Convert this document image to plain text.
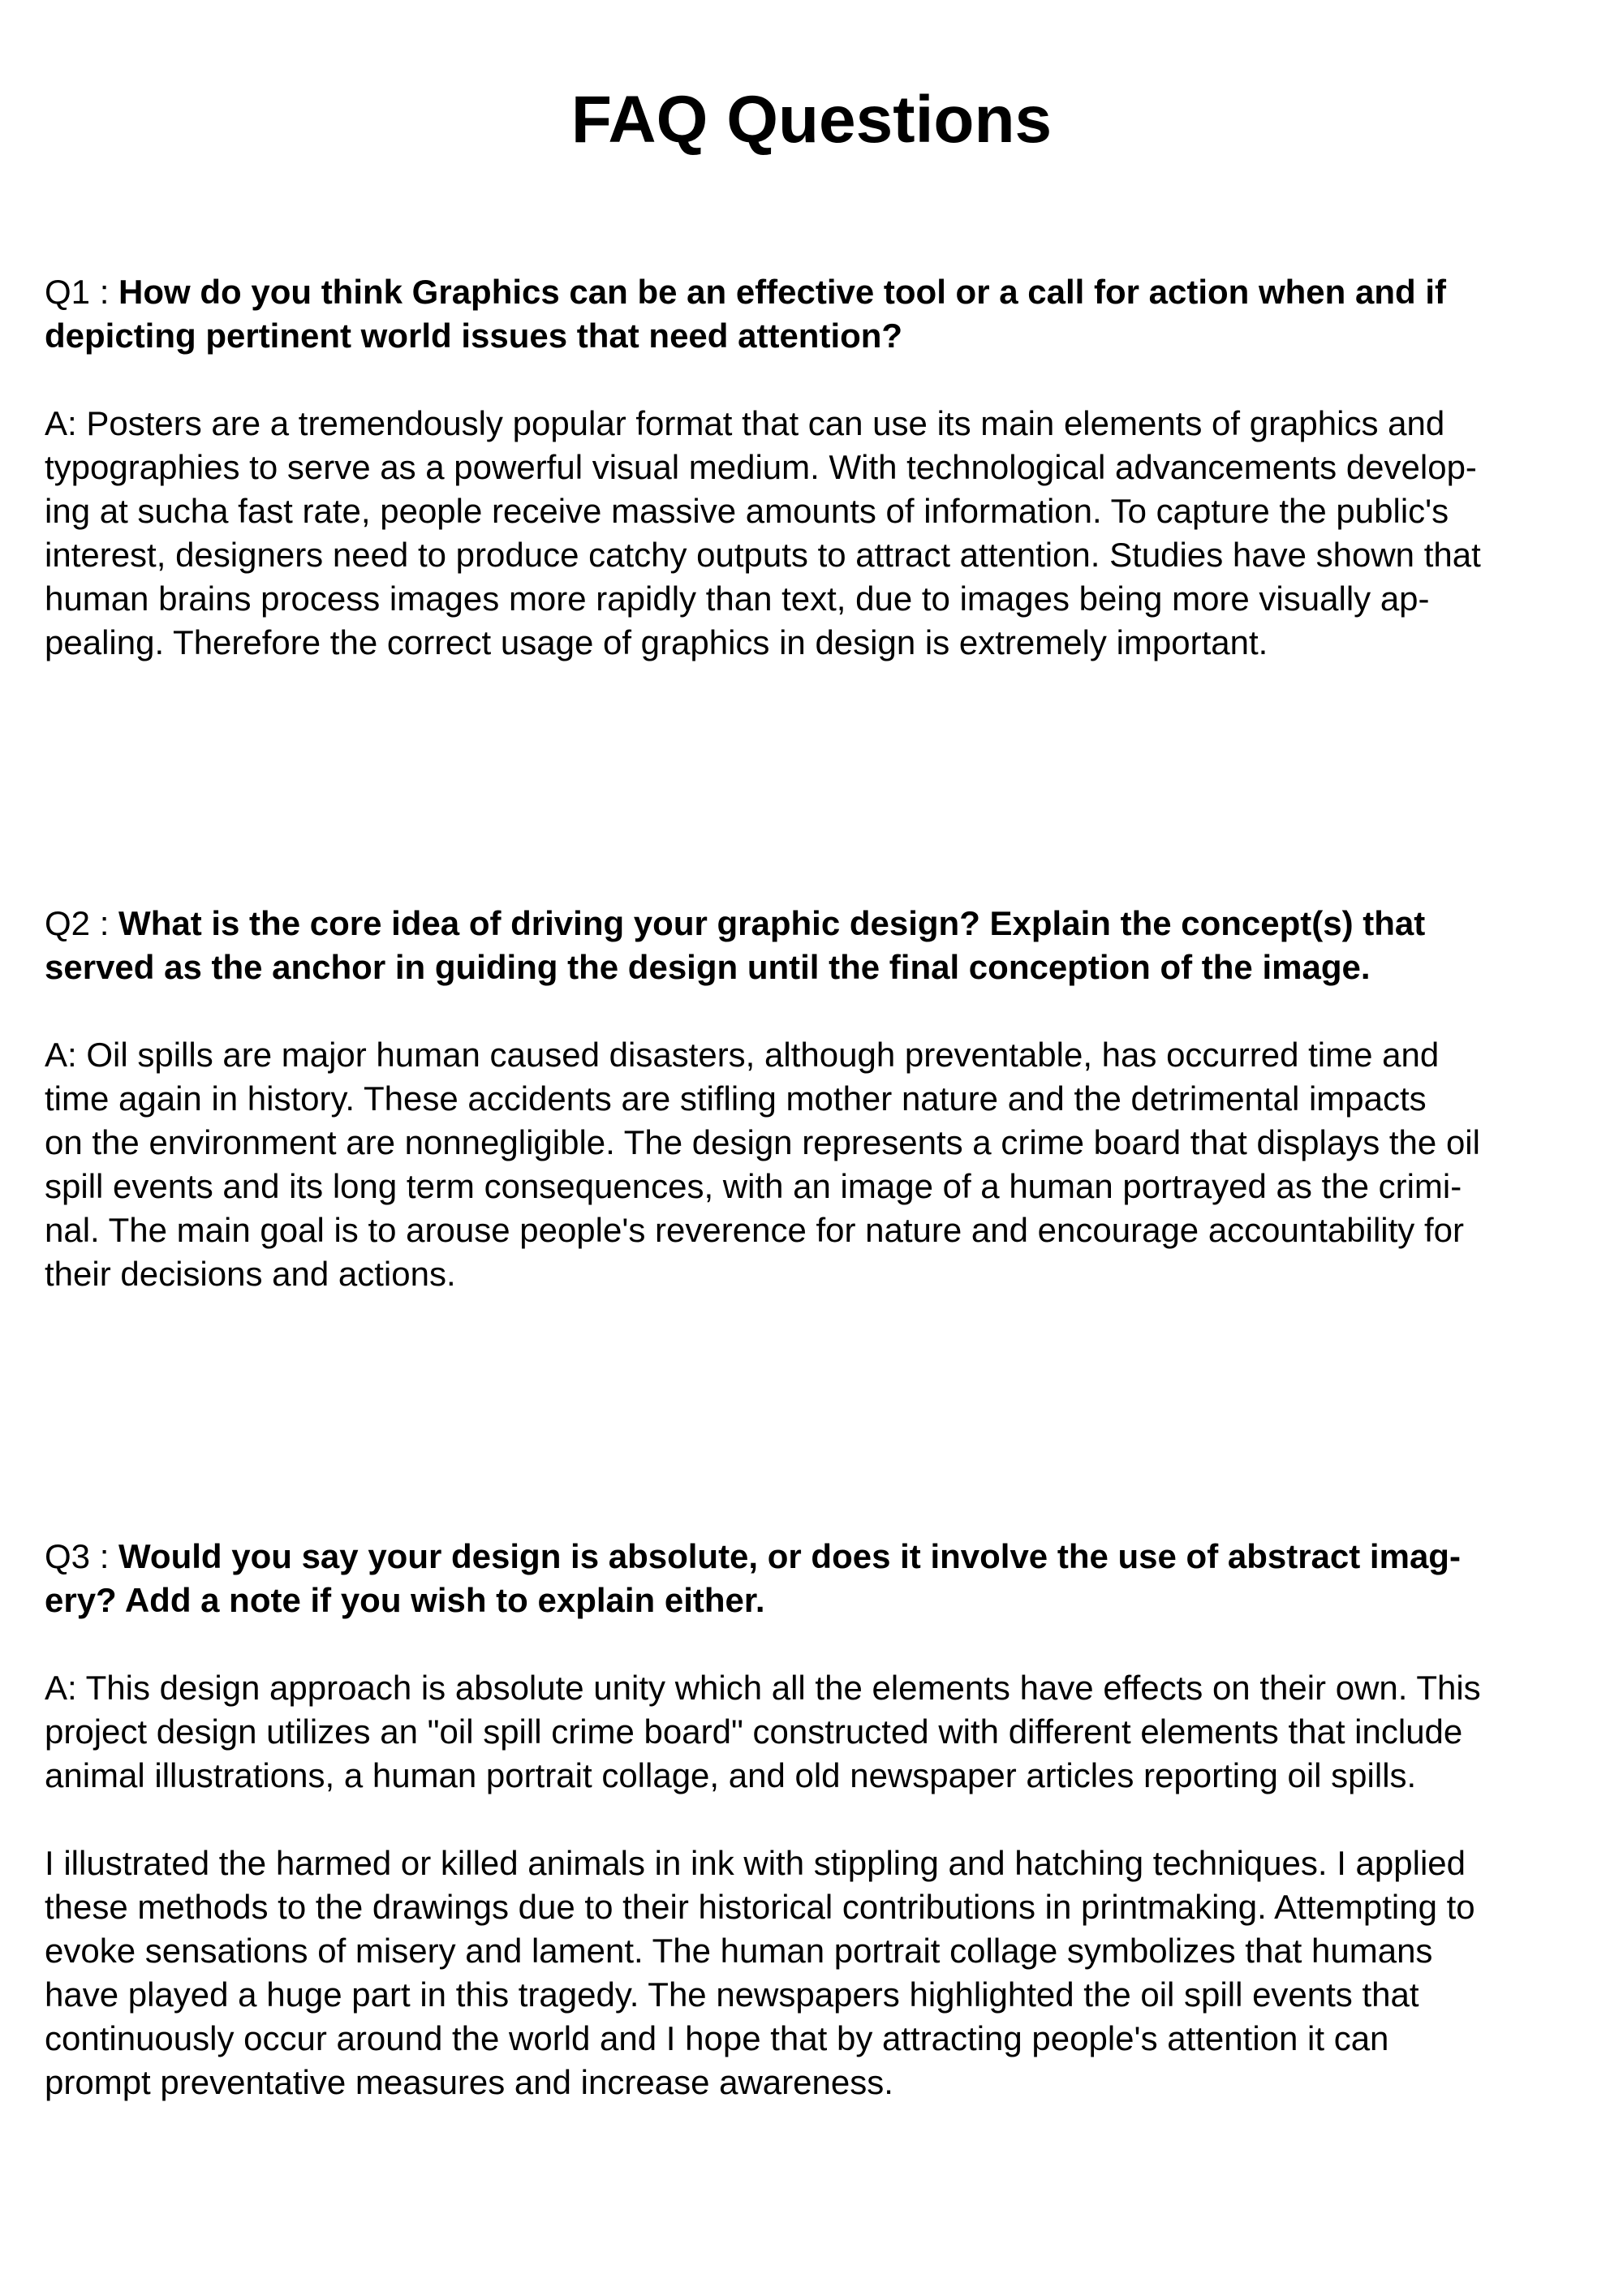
FAQ Questions

Q1 : How do you think Graphics can be an effective tool or a call for action when and if
depicting pertinent world issues that need attention?

A: Posters are a tremendously popular format that can use its main elements of graphics and
typographies to serve as a powerful visual medium. With technological advancements develop-
ing at sucha fast rate, people receive massive amounts of information. To capture the public's
interest, designers need to produce catchy outputs to attract attention. Studies have shown that
human brains process images more rapidly than text, due to images being more visually ap-
pealing. Therefore the correct usage of graphics in design is extremely important.

Q2 : What is the core idea of driving your graphic design? Explain the concept(s) that
served as the anchor in guiding the design until the final conception of the image.

A: Oil spills are major human caused disasters, although preventable, has occurred time and
time again in history. These accidents are stifling mother nature and the detrimental impacts
on the environment are nonnegligible. The design represents a crime board that displays the oil
spill events and its long term consequences, with an image of a human portrayed as the crimi-
nal. The main goal is to arouse people's reverence for nature and encourage accountability for
their decisions and actions.

Q3 : Would you say your design is absolute, or does it involve the use of abstract imag-
ery? Add a note if you wish to explain either.

A: This design approach is absolute unity which all the elements have effects on their own. This
project design utilizes an "oil spill crime board" constructed with different elements that include
animal illustrations, a human portrait collage, and old newspaper articles reporting oil spills.

I illustrated the harmed or killed animals in ink with stippling and hatching techniques. I applied
these methods to the drawings due to their historical contributions in printmaking. Attempting to
evoke sensations of misery and lament. The human portrait collage symbolizes that humans
have played a huge part in this tragedy. The newspapers highlighted the oil spill events that
continuously occur around the world and I hope that by attracting people's attention it can
prompt preventative measures and increase awareness.
